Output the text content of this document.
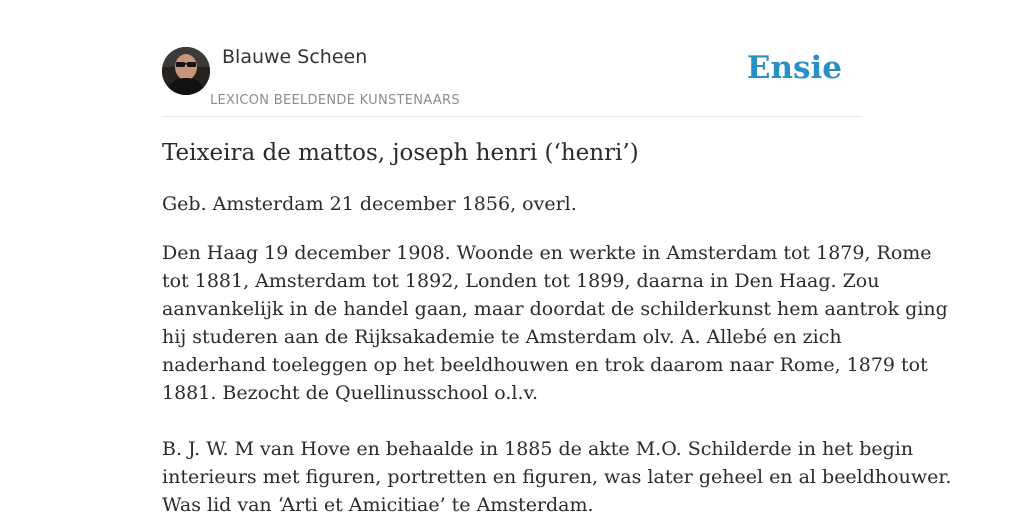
Blauwe Scheen
LEXICON BEELDENDE KUNSTENAARS
Ensie
Teixeira de mattos, joseph henri (‘henri’)

Geb. Amsterdam 21 december 1856, overl.

Den Haag 19 december 1908. Woonde en werkte in Amsterdam tot 1879, Rome

tot 1881, Amsterdam tot 1892, Londen tot 1899, daarna in Den Haag. Zou

aanvankelijk in de handel gaan, maar doordat de schilderkunst hem aantrok ging

hij studeren aan de Rijksakademie te Amsterdam olv. A. Allebé en zich

naderhand toeleggen op het beeldhouwen en trok daarom naar Rome, 1879 tot

1881. Bezocht de Quellinusschool o.l.v.

B. J. W. M van Hove en behaalde in 1885 de akte M.O. Schilderde in het begin

interieurs met figuren, portretten en figuren, was later geheel en al beeldhouwer.

Was lid van ‘Arti et Amicitiae’ te Amsterdam.
